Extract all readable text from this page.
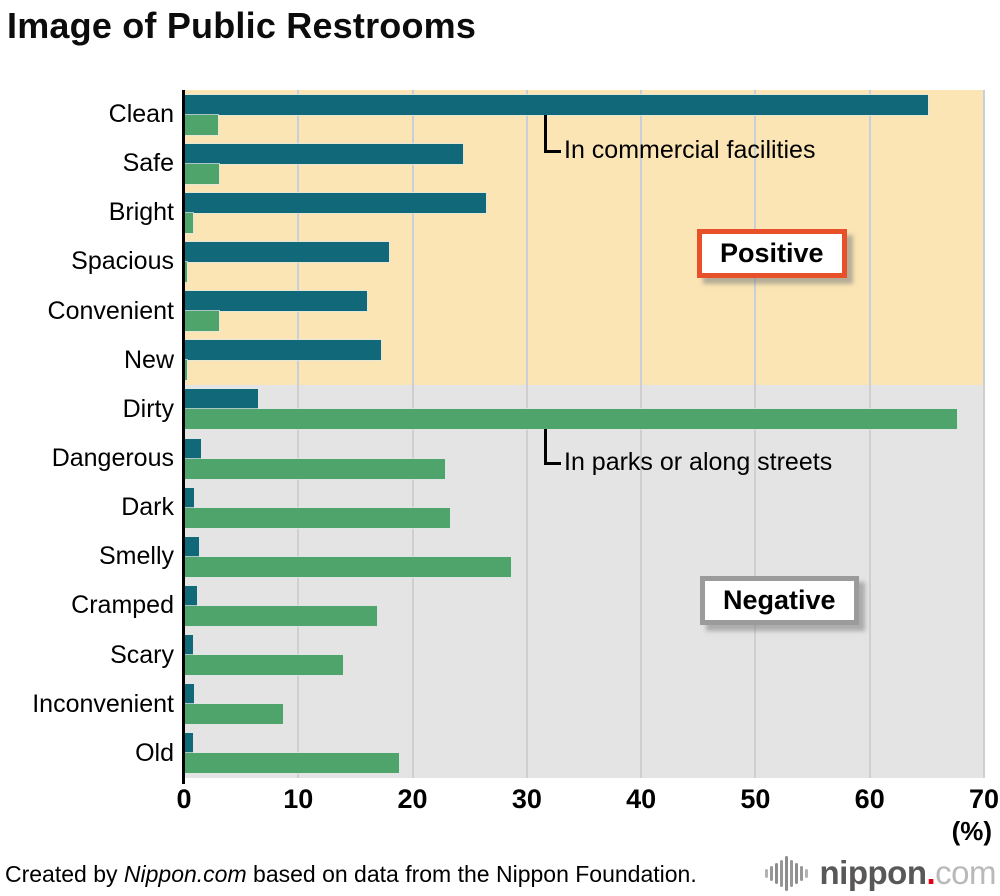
Image of Public Restrooms
Clean
Safe
Bright
Spacious
Convenient
New
Dirty
Dangerous
Dark
Smelly
Cramped
Scary
Inconvenient
Old
0	10	20	30	40	50	60	70
(%)
In commercial facilities
In parks or along streets
Positive
Negative
Created by Nippon.com based on data from the Nippon Foundation.	nippon.com
